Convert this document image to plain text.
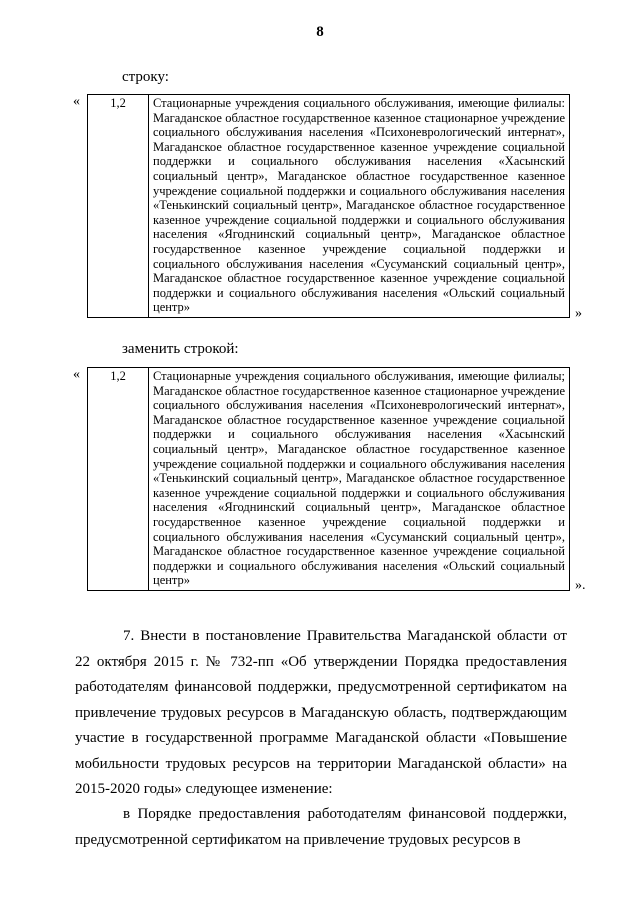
8
строку:
« 1,2	Стационарные учреждения социального обслуживания, имеющие филиалы: Магаданское областное государственное казенное стационарное учреждение социального обслуживания населения «Психоневрологический интернат», Магаданское областное государственное казенное учреждение социальной поддержки и социального обслуживания населения «Хасынский социальный центр», Магаданское областное государственное казенное учреждение социальной поддержки и социального обслуживания населения «Тенькинский социальный центр», Магаданское областное государственное казенное учреждение социальной поддержки и социального обслуживания населения «Ягоднинский социальный центр», Магаданское областное государственное казенное учреждение социальной поддержки и социального обслуживания населения «Сусуманский социальный центр», Магаданское областное государственное казенное учреждение социальной поддержки и социального обслуживания населения «Ольский социальный центр»	»
заменить строкой:
« 1,2	Стационарные учреждения социального обслуживания, имеющие филиалы; Магаданское областное государственное казенное стационарное учреждение социального обслуживания населения «Психоневрологический интернат», Магаданское областное государственное казенное учреждение социальной поддержки и социального обслуживания населения «Хасынский социальный центр», Магаданское областное государственное казенное учреждение социальной поддержки и социального обслуживания населения «Тенькинский социальный центр», Магаданское областное государственное казенное учреждение социальной поддержки и социального обслуживания населения «Ягоднинский социальный центр», Магаданское областное государственное казенное учреждение социальной поддержки и социального обслуживания населения «Сусуманский социальный центр», Магаданское областное государственное казенное учреждение социальной поддержки и социального обслуживания населения «Ольский социальный центр»	».
7. Внести в постановление Правительства Магаданской области от 22 октября 2015 г. № 732-пп «Об утверждении Порядка предоставления работодателям финансовой поддержки, предусмотренной сертификатом на привлечение трудовых ресурсов в Магаданскую область, подтверждающим участие в государственной программе Магаданской области «Повышение мобильности трудовых ресурсов на территории Магаданской области» на 2015-2020 годы» следующее изменение:
в Порядке предоставления работодателям финансовой поддержки, предусмотренной сертификатом на привлечение трудовых ресурсов в
